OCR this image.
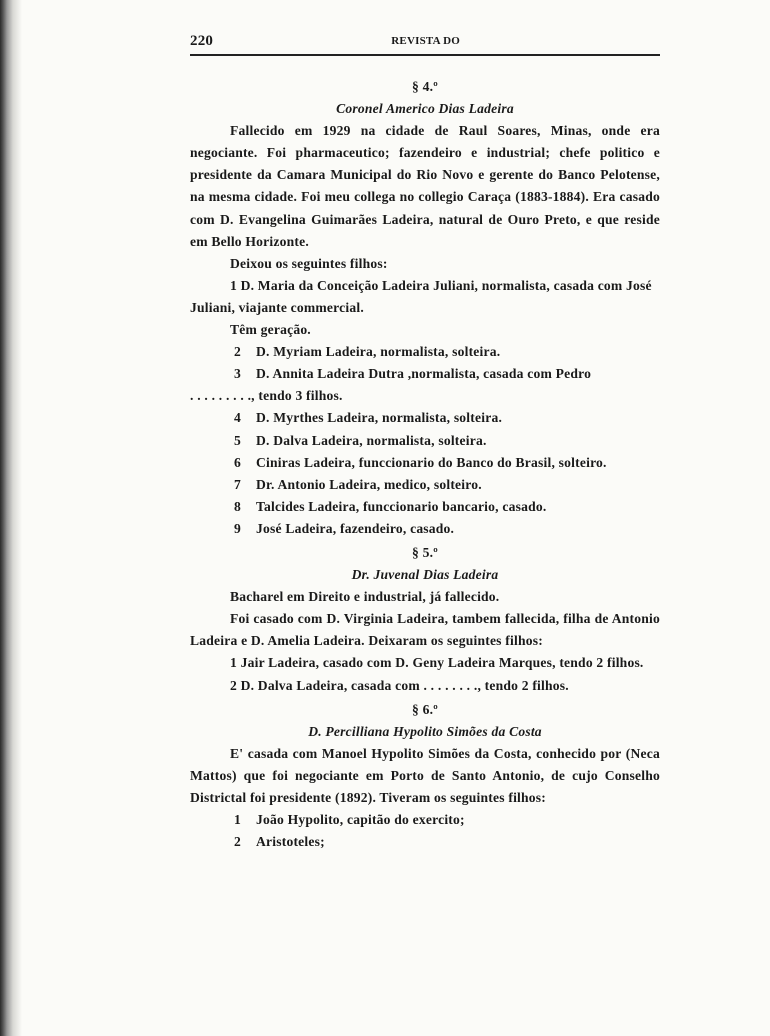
220	REVISTA DO
§ 4.º
Coronel Americo Dias Ladeira

Fallecido em 1929 na cidade de Raul Soares, Minas, onde era negociante. Foi pharmaceutico; fazendeiro e industrial; chefe politico e presidente da Camara Municipal do Rio Novo e gerente do Banco Pelotense, na mesma cidade. Foi meu collega no collegio Caraça (1883-1884). Era casado com D. Evangelina Guimarães Ladeira, natural de Ouro Preto, e que reside em Bello Horizonte.

Deixou os seguintes filhos:

1 D. Maria da Conceição Ladeira Juliani, normalista, casada com José Juliani, viajante commercial.

Têm geração.

2 D. Myriam Ladeira, normalista, solteira.
3 D. Annita Ladeira Dutra ,normalista, casada com Pedro
. . . . . . . . ., tendo 3 filhos.
4 D. Myrthes Ladeira, normalista, solteira.
5 D. Dalva Ladeira, normalista, solteira.
6 Ciniras Ladeira, funccionario do Banco do Brasil, solteiro.
7 Dr. Antonio Ladeira, medico, solteiro.
8 Talcides Ladeira, funccionario bancario, casado.
9 José Ladeira, fazendeiro, casado.
§ 5.º
Dr. Juvenal Dias Ladeira

Bacharel em Direito e industrial, já fallecido.

Foi casado com D. Virginia Ladeira, tambem fallecida, filha de Antonio Ladeira e D. Amelia Ladeira. Deixaram os seguintes filhos:

1 Jair Ladeira, casado com D. Geny Ladeira Marques, tendo 2 filhos.

2 D. Dalva Ladeira, casada com . . . . . . . ., tendo 2 filhos.

§ 6.º
D. Percilliana Hypolito Simões da Costa

E' casada com Manoel Hypolito Simões da Costa, conhecido por (Neca Mattos) que foi negociante em Porto de Santo Antonio, de cujo Conselho Districtal foi presidente (1892). Tiveram os seguintes filhos:

1 João Hypolito, capitão do exercito;
2 Aristoteles;
